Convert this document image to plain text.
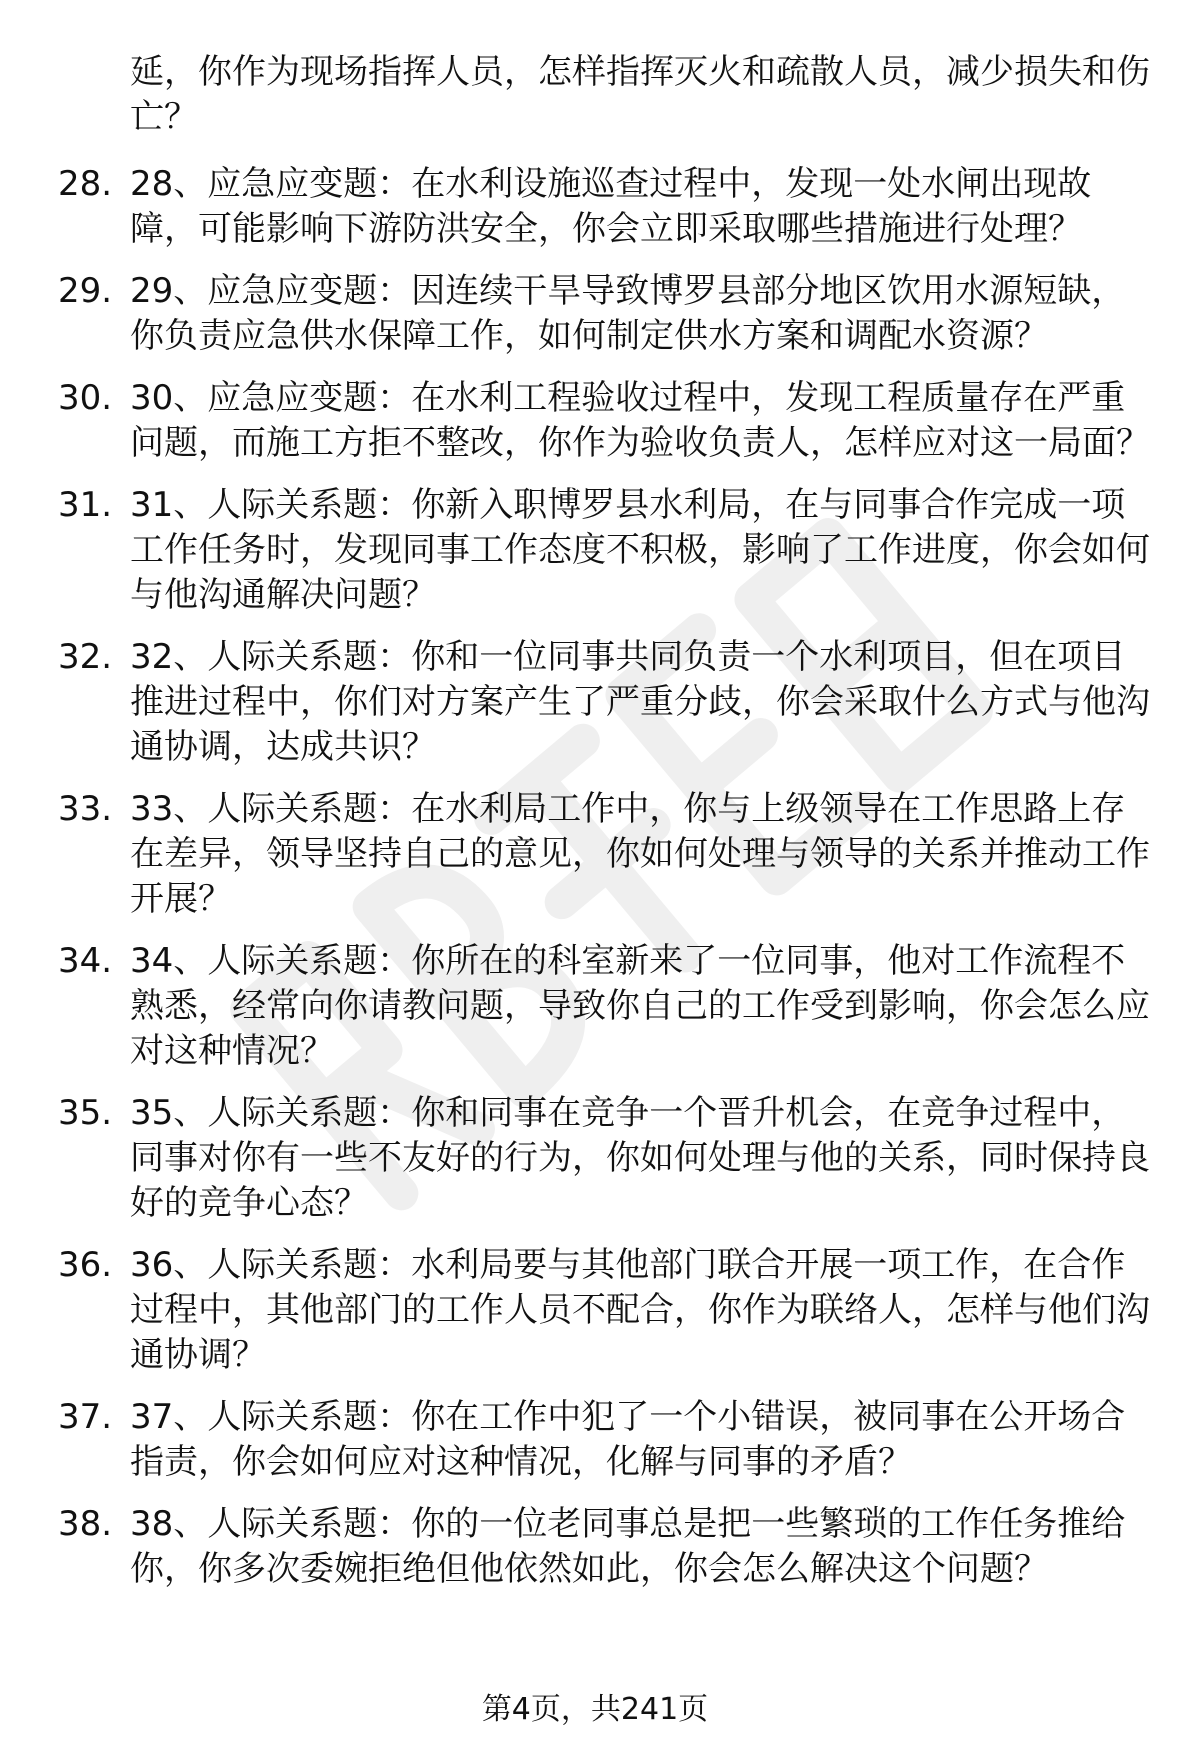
延，你作为现场指挥人员，怎样指挥灭火和疏散人员，减少损失和伤亡？

28. 28、应急应变题：在水利设施巡查过程中，发现一处水闸出现故障，可能影响下游防洪安全，你会立即采取哪些措施进行处理？
29. 29、应急应变题：因连续干旱导致博罗县部分地区饮用水源短缺，你负责应急供水保障工作，如何制定供水方案和调配水资源？
30. 30、应急应变题：在水利工程验收过程中，发现工程质量存在严重问题，而施工方拒不整改，你作为验收负责人，怎样应对这一局面？
31. 31、人际关系题：你新入职博罗县水利局，在与同事合作完成一项工作任务时，发现同事工作态度不积极，影响了工作进度，你会如何与他沟通解决问题？
32. 32、人际关系题：你和一位同事共同负责一个水利项目，但在项目推进过程中，你们对方案产生了严重分歧，你会采取什么方式与他沟通协调，达成共识？
33. 33、人际关系题：在水利局工作中，你与上级领导在工作思路上存在差异，领导坚持自己的意见，你如何处理与领导的关系并推动工作开展？
34. 34、人际关系题：你所在的科室新来了一位同事，他对工作流程不熟悉，经常向你请教问题，导致你自己的工作受到影响，你会怎么应对这种情况？
35. 35、人际关系题：你和同事在竞争一个晋升机会，在竞争过程中，同事对你有一些不友好的行为，你如何处理与他的关系，同时保持良好的竞争心态？
36. 36、人际关系题：水利局要与其他部门联合开展一项工作，在合作过程中，其他部门的工作人员不配合，你作为联络人，怎样与他们沟通协调？
37. 37、人际关系题：你在工作中犯了一个小错误，被同事在公开场合指责，你会如何应对这种情况，化解与同事的矛盾？
38. 38、人际关系题：你的一位老同事总是把一些繁琐的工作任务推给你，你多次委婉拒绝但他依然如此，你会怎么解决这个问题？
第4页，共241页
